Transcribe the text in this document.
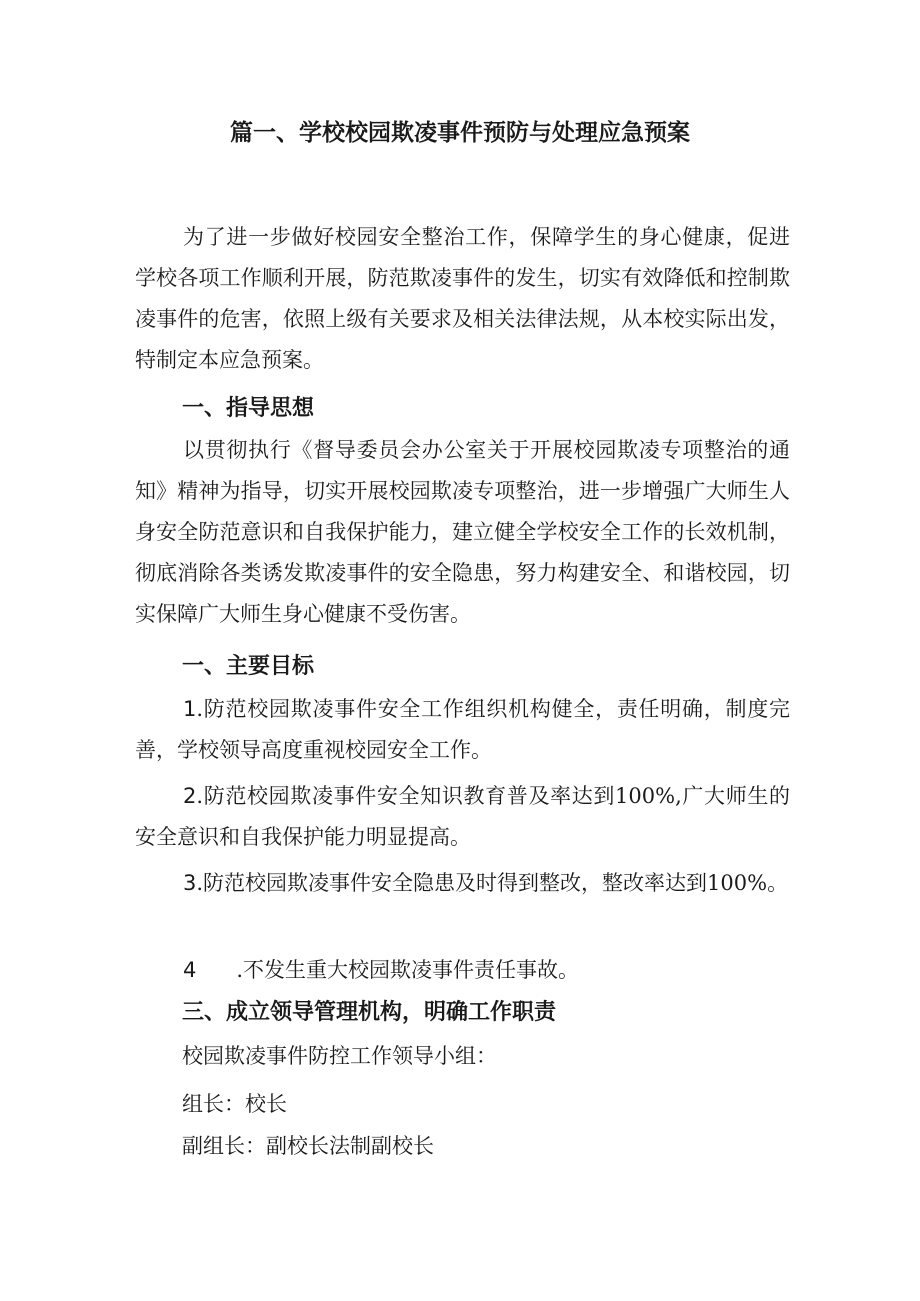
篇一、学校校园欺凌事件预防与处理应急预案

为了进一步做好校园安全整治工作，保障学生的身心健康，促进学校各项工作顺利开展，防范欺凌事件的发生，切实有效降低和控制欺凌事件的危害，依照上级有关要求及相关法律法规，从本校实际出发，特制定本应急预案。

一、指导思想

以贯彻执行《督导委员会办公室关于开展校园欺凌专项整治的通知》精神为指导，切实开展校园欺凌专项整治，进一步增强广大师生人身安全防范意识和自我保护能力，建立健全学校安全工作的长效机制，彻底消除各类诱发欺凌事件的安全隐患，努力构建安全、和谐校园，切实保障广大师生身心健康不受伤害。

一、主要目标

1.防范校园欺凌事件安全工作组织机构健全，责任明确，制度完善，学校领导高度重视校园安全工作。

2.防范校园欺凌事件安全知识教育普及率达到100%,广大师生的安全意识和自我保护能力明显提高。

3.防范校园欺凌事件安全隐患及时得到整改，整改率达到100%。

4 .不发生重大校园欺凌事件责任事故。

三、成立领导管理机构，明确工作职责

校园欺凌事件防控工作领导小组：

组长：校长

副组长：副校长法制副校长
